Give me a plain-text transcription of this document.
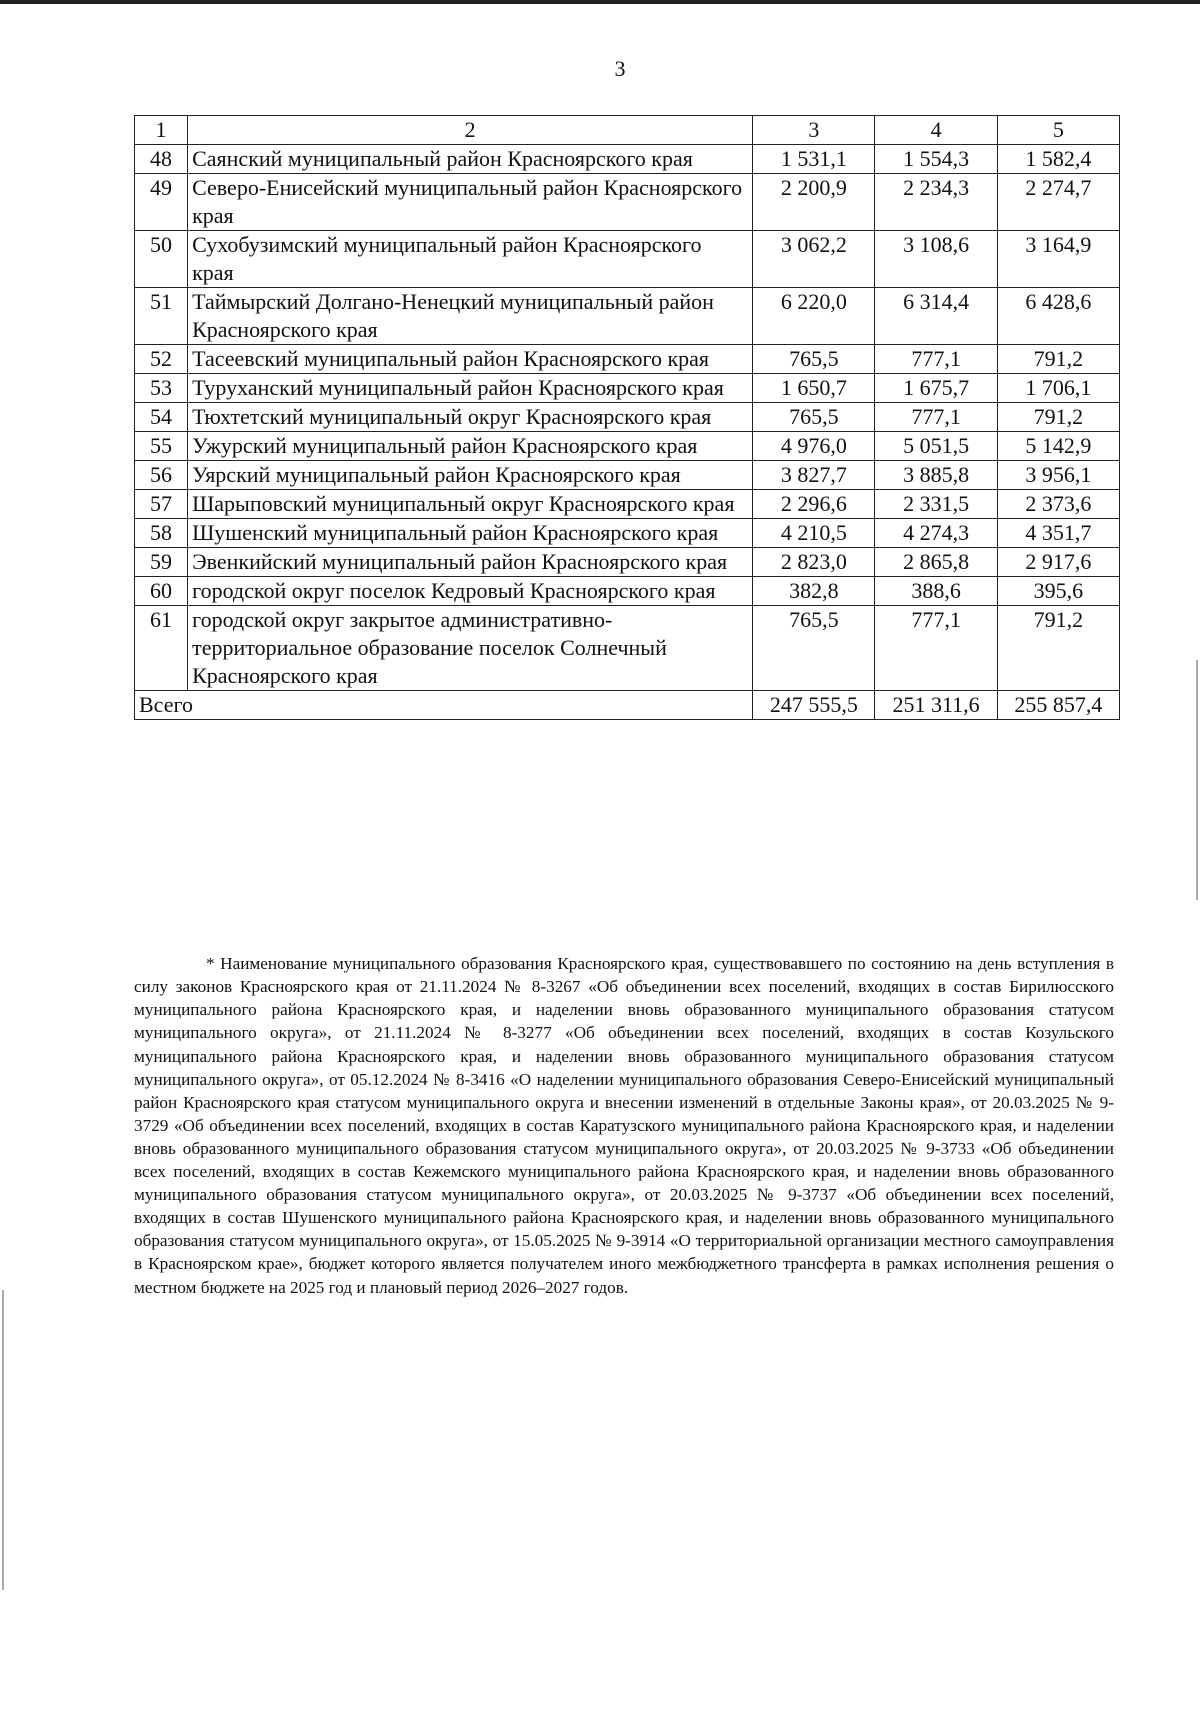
3
1	2	3	4	5
48	Саянский муниципальный район Красноярского края	1 531,1	1 554,3	1 582,4
49	Северо-Енисейский муниципальный район Красноярского края	2 200,9	2 234,3	2 274,7
50	Сухобузимский муниципальный район Красноярского края	3 062,2	3 108,6	3 164,9
51	Таймырский Долгано-Ненецкий муниципальный район Красноярского края	6 220,0	6 314,4	6 428,6
52	Тасеевский муниципальный район Красноярского края	765,5	777,1	791,2
53	Туруханский муниципальный район Красноярского края	1 650,7	1 675,7	1 706,1
54	Тюхтетский муниципальный округ Красноярского края	765,5	777,1	791,2
55	Ужурский муниципальный район Красноярского края	4 976,0	5 051,5	5 142,9
56	Уярский муниципальный район Красноярского края	3 827,7	3 885,8	3 956,1
57	Шарыповский муниципальный округ Красноярского края	2 296,6	2 331,5	2 373,6
58	Шушенский муниципальный район Красноярского края	4 210,5	4 274,3	4 351,7
59	Эвенкийский муниципальный район Красноярского края	2 823,0	2 865,8	2 917,6
60	городской округ поселок Кедровый Красноярского края	382,8	388,6	395,6
61	городской округ закрытое административно-территориальное образование поселок Солнечный Красноярского края	765,5	777,1	791,2
Всего		247 555,5	251 311,6	255 857,4

* Наименование муниципального образования Красноярского края, существовавшего по состоянию на день вступления в силу законов Красноярского края от 21.11.2024 № 8-3267 «Об объединении всех поселений, входящих в состав Бирилюсского муниципального района Красноярского края, и наделении вновь образованного муниципального образования статусом муниципального округа», от 21.11.2024 № 8-3277 «Об объединении всех поселений, входящих в состав Козульского муниципального района Красноярского края, и наделении вновь образованного муниципального образования статусом муниципального округа», от 05.12.2024 № 8-3416 «О наделении муниципального образования Северо-Енисейский муниципальный район Красноярского края статусом муниципального округа и внесении изменений в отдельные Законы края», от 20.03.2025 № 9-3729 «Об объединении всех поселений, входящих в состав Каратузского муниципального района Красноярского края, и наделении вновь образованного муниципального образования статусом муниципального округа», от 20.03.2025 № 9-3733 «Об объединении всех поселений, входящих в состав Кежемского муниципального района Красноярского края, и наделении вновь образованного муниципального образования статусом муниципального округа», от 20.03.2025 № 9-3737 «Об объединении всех поселений, входящих в состав Шушенского муниципального района Красноярского края, и наделении вновь образованного муниципального образования статусом муниципального округа», от 15.05.2025 № 9-3914 «О территориальной организации местного самоуправления в Красноярском крае», бюджет которого является получателем иного межбюджетного трансферта в рамках исполнения решения о местном бюджете на 2025 год и плановый период 2026–2027 годов.
